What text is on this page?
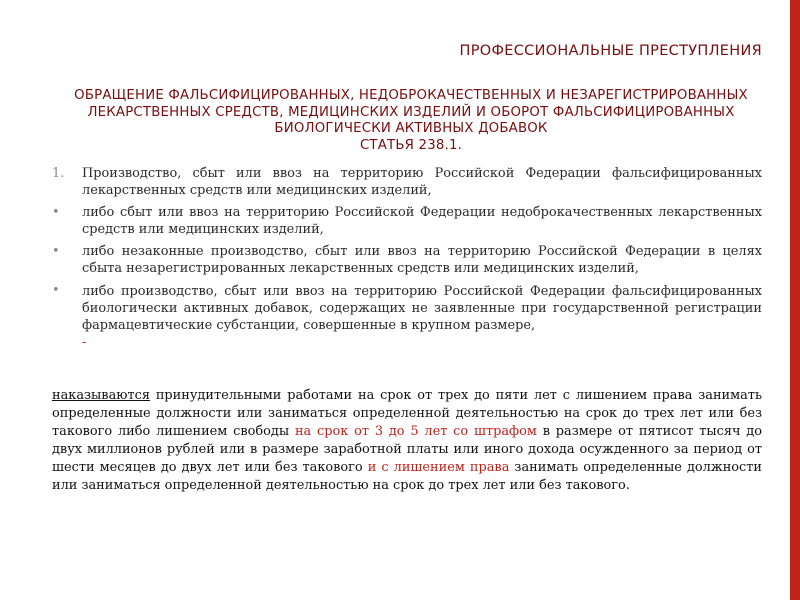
ПРОФЕССИОНАЛЬНЫЕ ПРЕСТУПЛЕНИЯ
ОБРАЩЕНИЕ ФАЛЬСИФИЦИРОВАННЫХ, НЕДОБРОКАЧЕСТВЕННЫХ И НЕЗАРЕГИСТРИРОВАННЫХ ЛЕКАРСТВЕННЫХ СРЕДСТВ, МЕДИЦИНСКИХ ИЗДЕЛИЙ И ОБОРОТ ФАЛЬСИФИЦИРОВАННЫХ БИОЛОГИЧЕСКИ АКТИВНЫХ ДОБАВОК
СТАТЬЯ 238.1.
1.	Производство, сбыт или ввоз на территорию Российской Федерации фальсифицированных лекарственных средств или медицинских изделий,
•	либо сбыт или ввоз на территорию Российской Федерации недоброкачественных лекарственных средств или медицинских изделий,
•	либо незаконные производство, сбыт или ввоз на территорию Российской Федерации в целях сбыта незарегистрированных лекарственных средств или медицинских изделий,
•	либо производство, сбыт или ввоз на территорию Российской Федерации фальсифицированных биологически активных добавок, содержащих не заявленные при государственной регистрации фармацевтические субстанции, совершенные в крупном размере,
-
наказываются принудительными работами на срок от трех до пяти лет с лишением права занимать определенные должности или заниматься определенной деятельностью на срок до трех лет или без такового либо лишением свободы на срок от 3 до 5 лет со штрафом в размере от пятисот тысяч до двух миллионов рублей или в размере заработной платы или иного дохода осужденного за период от шести месяцев до двух лет или без такового и с лишением права занимать определенные должности или заниматься определенной деятельностью на срок до трех лет или без такового.
